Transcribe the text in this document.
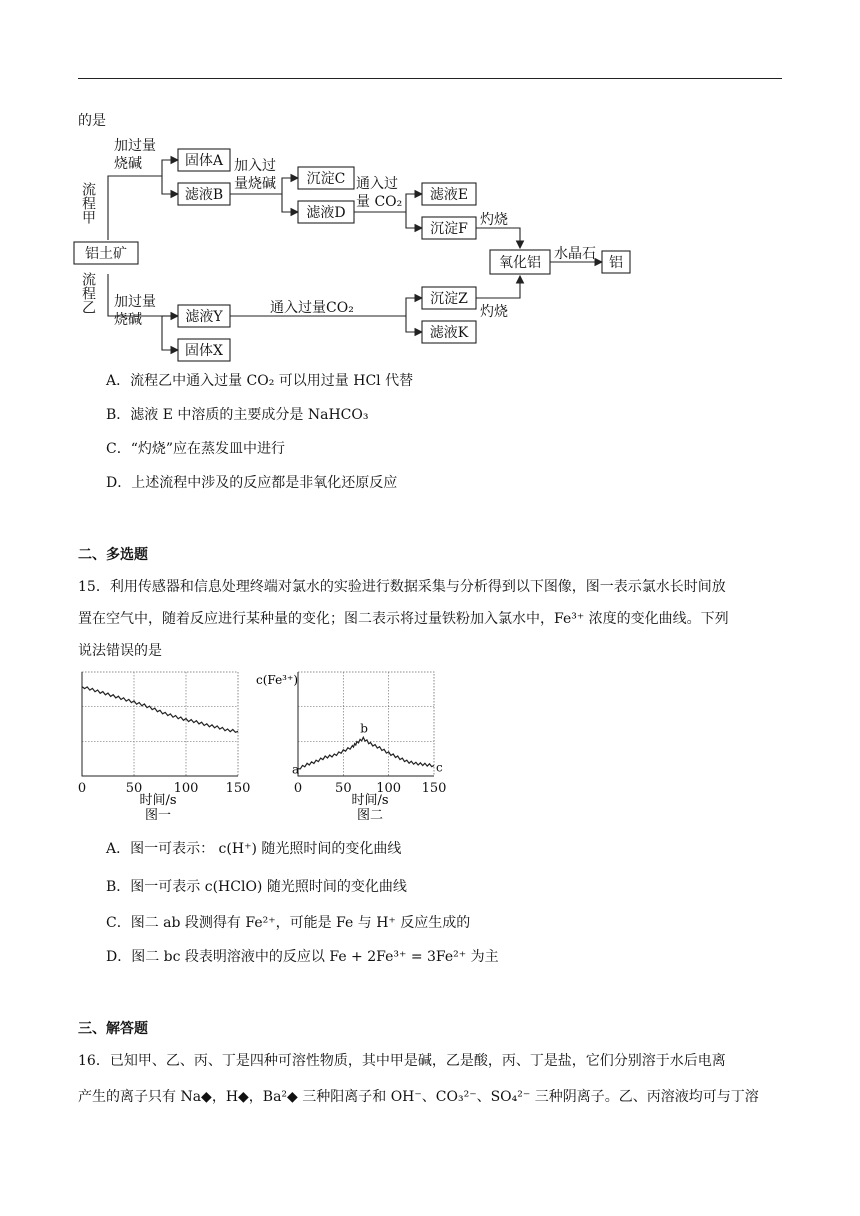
的是
铝土矿
固体A
滤液B
沉淀C
滤液D
滤液E
沉淀F
氧化铝	铝
滤液Y
固体X
沉淀Z
滤液K
加过量
烧碱	加入过
量烧碱	通入过
量 CO₂
灼烧
水晶石
加过量
烧碱
通入过量CO₂	灼烧
流程甲
流程乙
A．流程乙中通入过量 CO₂ 可以用过量 HCl 代替
B．滤液 E 中溶质的主要成分是 NaHCO₃
C．“灼烧”应在蒸发皿中进行
D．上述流程中涉及的反应都是非氧化还原反应
二、多选题
15．利用传感器和信息处理终端对氯水的实验进行数据采集与分析得到以下图像，图一表示氯水长时间放
置在空气中，随着反应进行某种量的变化；图二表示将过量铁粉加入氯水中，Fe³⁺ 浓度的变化曲线。下列
说法错误的是
0	50 100 150
时间/s
图一
0	50 100 150
a
b
c
c(Fe³⁺)
时间/s
图二
A．图一可表示： c(H⁺) 随光照时间的变化曲线
B．图一可表示 c(HClO) 随光照时间的变化曲线
C．图二 ab 段测得有 Fe²⁺，可能是 Fe 与 H⁺ 反应生成的
D．图二 bc 段表明溶液中的反应以 Fe + 2Fe³⁺ = 3Fe²⁺ 为主
三、解答题
16．已知甲、乙、丙、丁是四种可溶性物质，其中甲是碱，乙是酸，丙、丁是盐，它们分别溶于水后电离
产生的离子只有 Na◆，H◆，Ba²◆ 三种阳离子和 OH⁻、CO₃²⁻、SO₄²⁻ 三种阴离子。乙、丙溶液均可与丁溶
